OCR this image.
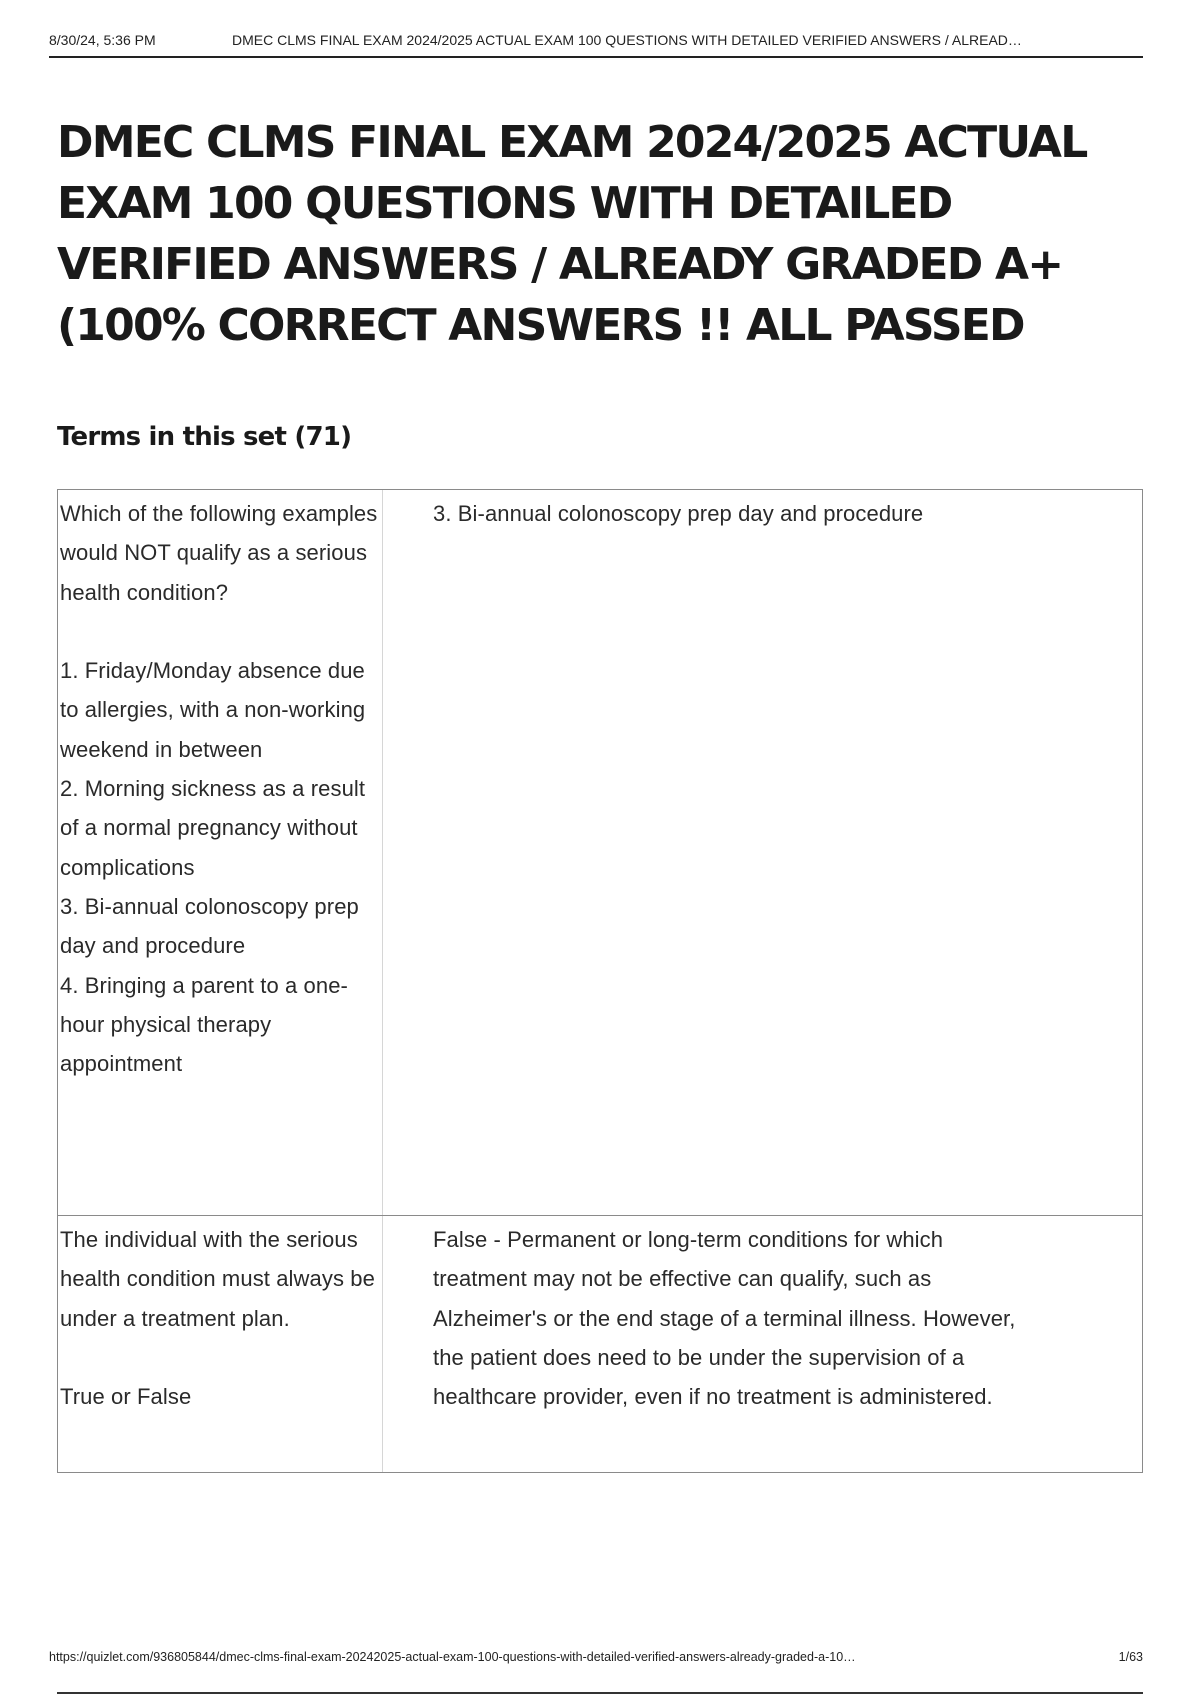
8/30/24, 5:36 PM	DMEC CLMS FINAL EXAM 2024/2025 ACTUAL EXAM 100 QUESTIONS WITH DETAILED VERIFIED ANSWERS / ALREAD…
DMEC CLMS FINAL EXAM 2024/2025 ACTUAL EXAM 100 QUESTIONS WITH DETAILED VERIFIED ANSWERS / ALREADY GRADED A+ (100% CORRECT ANSWERS !! ALL PASSED
Terms in this set (71)
Which of the following examples would NOT qualify as a serious health condition?

1. Friday/Monday absence due to allergies, with a non-working weekend in between
2. Morning sickness as a result of a normal pregnancy without complications
3. Bi-annual colonoscopy prep day and procedure
4. Bringing a parent to a one-hour physical therapy appointment
3. Bi-annual colonoscopy prep day and procedure
The individual with the serious health condition must always be under a treatment plan.

True or False
False - Permanent or long-term conditions for which treatment may not be effective can qualify, such as Alzheimer's or the end stage of a terminal illness. However, the patient does need to be under the supervision of a healthcare provider, even if no treatment is administered.
https://quizlet.com/936805844/dmec-clms-final-exam-20242025-actual-exam-100-questions-with-detailed-verified-answers-already-graded-a-10…	1/63
